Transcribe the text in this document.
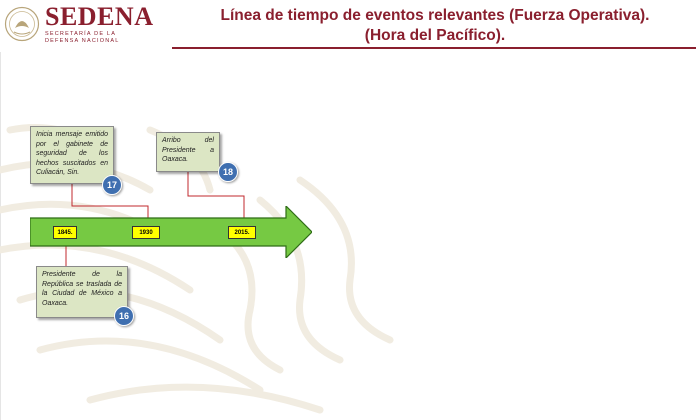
SEDENA
SECRETARÍA DE LA
DEFENSA NACIONAL
Línea de tiempo de eventos relevantes (Fuerza Operativa).
(Hora del Pacífico).
1845.	1930	2015.
Inicia mensaje emitido por el gabinete de seguridad de los hechos suscitados en Culiacán, Sin.
17
Arribo del Presidente a Oaxaca.
18
Presidente de la República se traslada de la Ciudad de México a Oaxaca.
16
